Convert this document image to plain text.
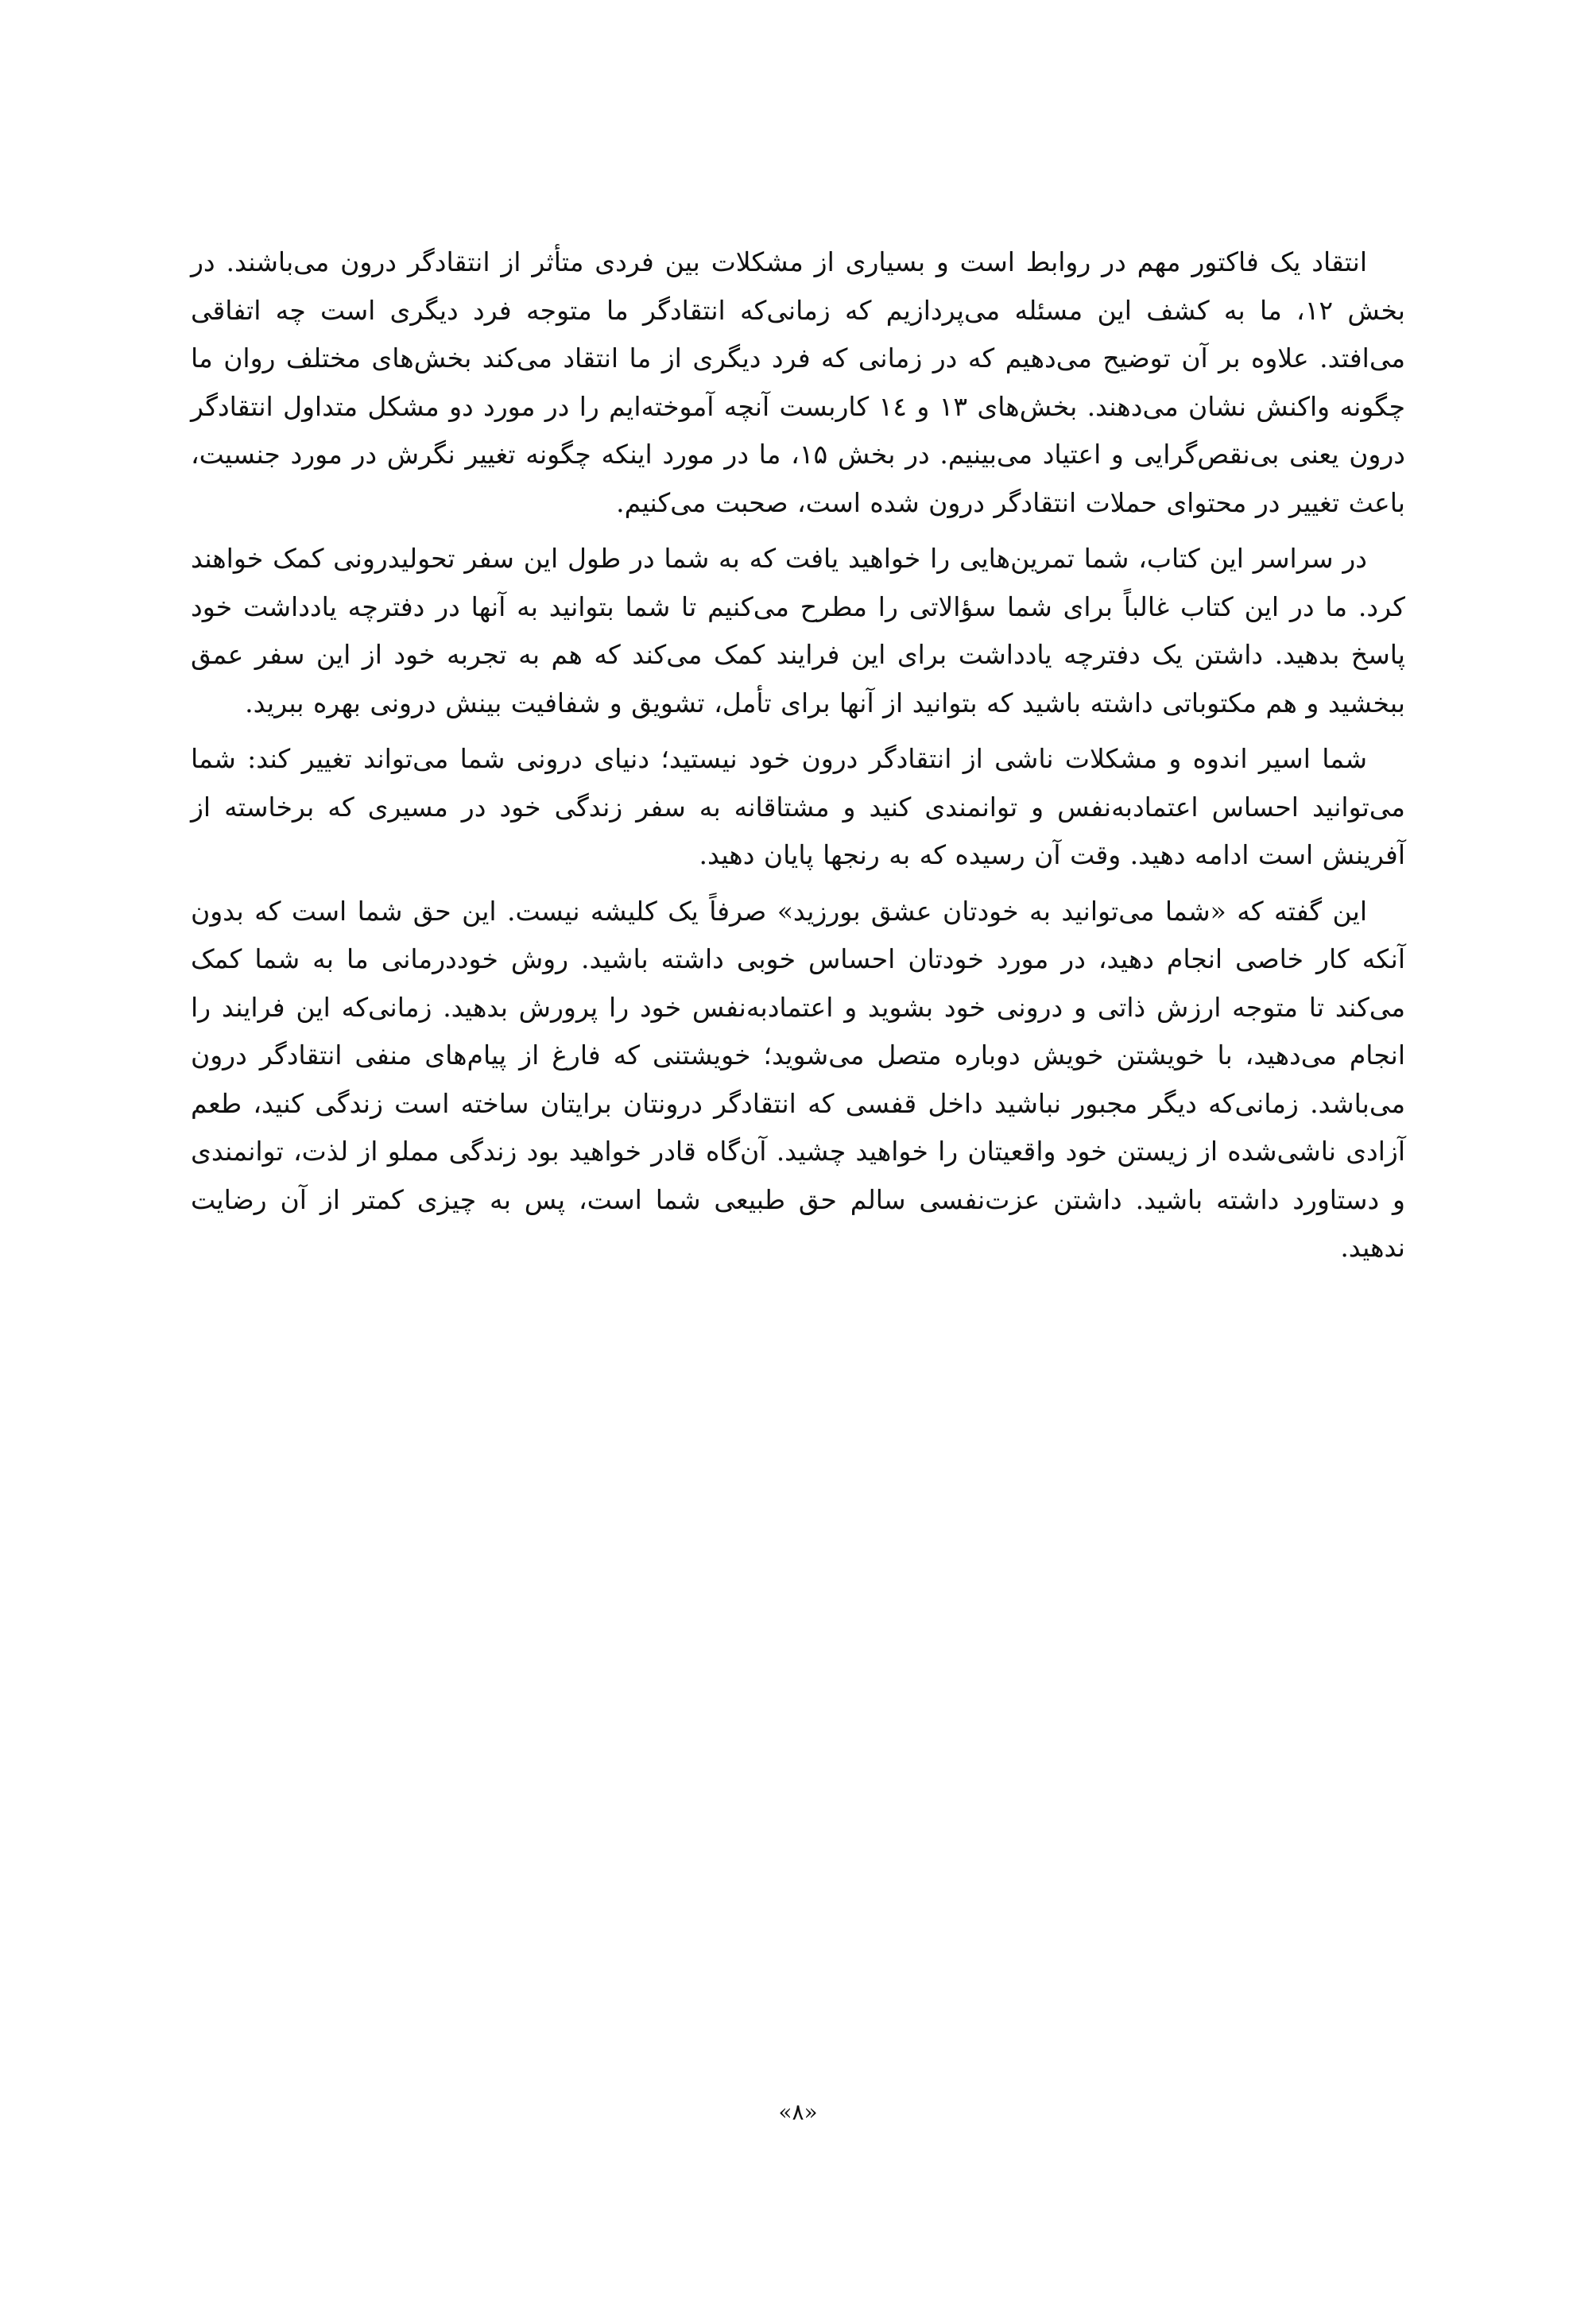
انتقاد یک فاکتور مهم در روابط است و بسیاری از مشکلات بین فردی متأثر از انتقادگر درون می‌باشند. در بخش ۱۲، ما به کشف این مسئله می‌پردازیم که زمانی‌که انتقادگر ما متوجه فرد دیگری است چه اتفاقی می‌افتد. علاوه بر آن توضیح می‌دهیم که در زمانی که فرد دیگری از ما انتقاد می‌کند بخش‌های مختلف روان ما چگونه واکنش نشان می‌دهند. بخش‌های ۱۳ و ۱٤ کاربست آنچه آموخته‌ایم را در مورد دو مشکل متداول انتقادگر درون یعنی بی‌نقص‌گرایی و اعتیاد می‌بینیم. در بخش ۱۵، ما در مورد اینکه چگونه تغییر نگرش در مورد جنسیت، باعث تغییر در محتوای حملات انتقادگر درون شده است، صحبت می‌کنیم.

در سراسر این کتاب، شما تمرین‌هایی را خواهید یافت که به شما در طول این سفر تحولیدرونی کمک خواهند کرد. ما در این کتاب غالباً برای شما سؤالاتی را مطرح می‌کنیم تا شما بتوانید به آنها در دفترچه یادداشت خود پاسخ بدهید. داشتن یک دفترچه یادداشت برای این فرایند کمک می‌کند که هم به تجربه خود از این سفر عمق ببخشید و هم مکتوباتی داشته باشید که بتوانید از آنها برای تأمل، تشویق و شفافیت بینش درونی بهره ببرید.

شما اسیر اندوه و مشکلات ناشی از انتقادگر درون خود نیستید؛ دنیای درونی شما می‌تواند تغییر کند: شما می‌توانید احساس اعتمادبه‌نفس و توانمندی کنید و مشتاقانه به سفر زندگی خود در مسیری که برخاسته از آفرینش است ادامه دهید. وقت آن رسیده که به رنجها پایان دهید.

این گفته که «شما می‌توانید به خودتان عشق بورزید» صرفاً یک کلیشه نیست. این حق شما است که بدون آنکه کار خاصی انجام دهید، در مورد خودتان احساس خوبی داشته باشید. روش خوددرمانی ما به شما کمک می‌کند تا متوجه ارزش ذاتی و درونی خود بشوید و اعتمادبه‌نفس خود را پرورش بدهید. زمانی‌که این فرایند را انجام می‌دهید، با خویشتن خویش دوباره متصل می‌شوید؛ خویشتنی که فارغ از پیام‌های منفی انتقادگر درون می‌باشد. زمانی‌که دیگر مجبور نباشید داخل قفسی که انتقادگر درونتان برایتان ساخته است زندگی کنید، طعم آزادی ناشی‌شده از زیستن خود واقعیتان را خواهید چشید. آن‌گاه قادر خواهید بود زندگی مملو از لذت، توانمندی و دستاورد داشته باشید. داشتن عزت‌نفسی سالم حق طبیعی شما است، پس به چیزی کمتر از آن رضایت ندهید.

«۸»
